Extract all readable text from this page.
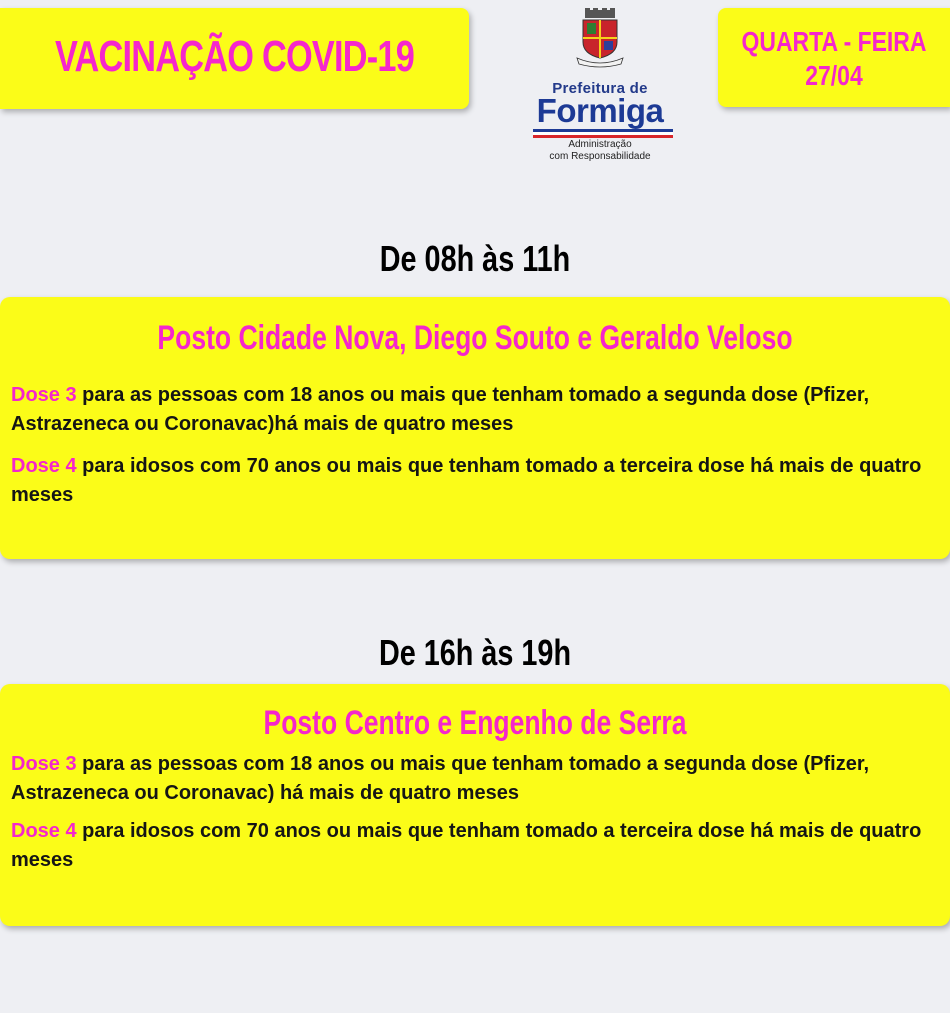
VACINAÇÃO COVID-19
Prefeitura de
Formiga
Administração
com Responsabilidade
QUARTA - FEIRA
27/04
De 08h às 11h
Posto Cidade Nova, Diego Souto e Geraldo Veloso
Dose 3 para as pessoas com 18 anos ou mais que tenham tomado a segunda dose (Pfizer, Astrazeneca ou Coronavac)há mais de quatro meses
Dose 4 para idosos com 70 anos ou mais que tenham tomado a terceira dose há mais de quatro meses
De 16h às 19h
Posto Centro e Engenho de Serra
Dose 3 para as pessoas com 18 anos ou mais que tenham tomado a segunda dose (Pfizer, Astrazeneca ou Coronavac) há mais de quatro meses
Dose 4 para idosos com 70 anos ou mais que tenham tomado a terceira dose há mais de quatro meses
